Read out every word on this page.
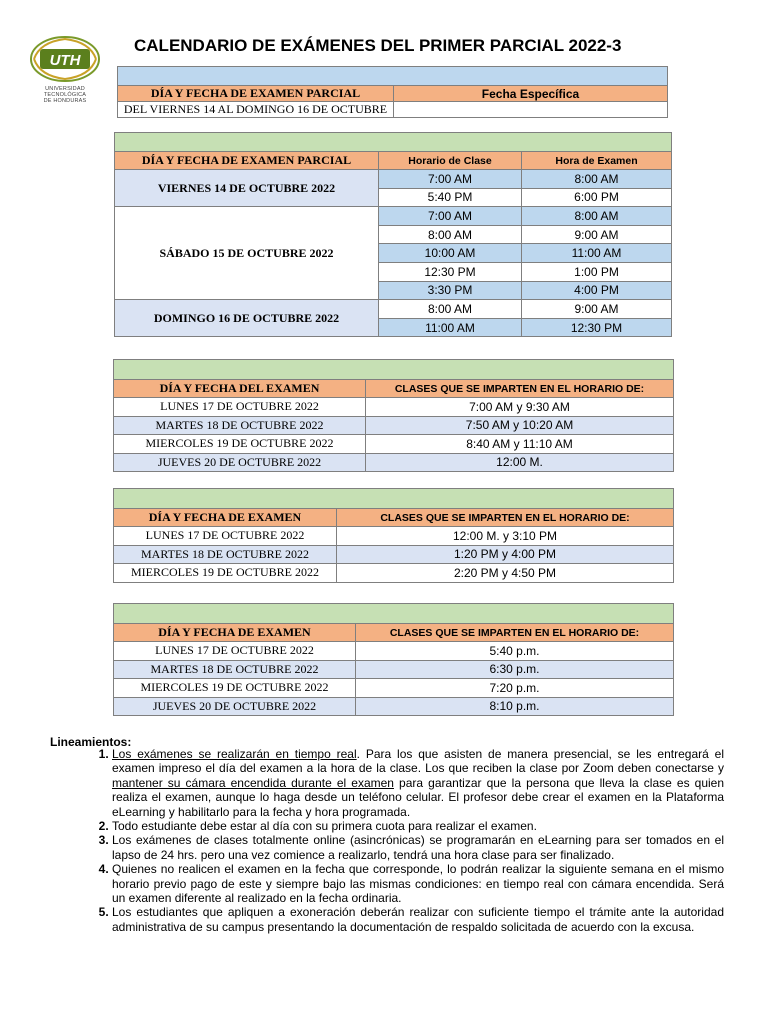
UTH
UNIVERSIDAD TECNOLÓGICA
DE HONDURAS
CALENDARIO DE EXÁMENES DEL PRIMER PARCIAL 2022-3

DÍA Y FECHA DE EXAMEN PARCIAL	Fecha Específica
DEL VIERNES 14 AL DOMINGO 16 DE OCTUBRE	

DÍA Y FECHA DE EXAMEN PARCIAL	Horario de Clase	Hora de Examen
VIERNES 14 DE OCTUBRE 2022	7:00 AM	8:00 AM
	5:40 PM	6:00 PM
SÁBADO 15 DE OCTUBRE 2022	7:00 AM	8:00 AM
	8:00 AM	9:00 AM
	10:00 AM	11:00 AM
	12:30 PM	1:00 PM
	3:30 PM	4:00 PM
DOMINGO 16 DE OCTUBRE 2022	8:00 AM	9:00 AM
	11:00 AM	12:30 PM

DÍA Y FECHA DEL EXAMEN	CLASES QUE SE IMPARTEN EN EL HORARIO DE:
LUNES 17 DE OCTUBRE 2022	7:00 AM y 9:30 AM
MARTES 18 DE OCTUBRE 2022	7:50 AM y 10:20 AM
MIERCOLES 19 DE OCTUBRE 2022	8:40 AM y 11:10 AM
JUEVES 20 DE OCTUBRE 2022	12:00 M.

DÍA Y FECHA DE EXAMEN	CLASES QUE SE IMPARTEN EN EL HORARIO DE:
LUNES 17 DE OCTUBRE 2022	12:00 M. y 3:10 PM
MARTES 18 DE OCTUBRE 2022	1:20 PM y 4:00 PM
MIERCOLES 19 DE OCTUBRE 2022	2:20 PM y 4:50 PM

DÍA Y FECHA DE EXAMEN	CLASES QUE SE IMPARTEN EN EL HORARIO DE:
LUNES 17 DE OCTUBRE 2022	5:40 p.m.
MARTES 18 DE OCTUBRE 2022	6:30 p.m.
MIERCOLES 19 DE OCTUBRE 2022	7:20 p.m.
JUEVES 20 DE OCTUBRE 2022	8:10 p.m.
Lineamientos:
1. Los exámenes se realizarán en tiempo real. Para los que asisten de manera presencial, se les entregará el examen impreso el día del examen a la hora de la clase. Los que reciben la clase por Zoom deben conectarse y mantener su cámara encendida durante el examen para garantizar que la persona que lleva la clase es quien realiza el examen, aunque lo haga desde un teléfono celular. El profesor debe crear el examen en la Plataforma eLearning y habilitarlo para la fecha y hora programada.
2. Todo estudiante debe estar al día con su primera cuota para realizar el examen.
3. Los exámenes de clases totalmente online (asincrónicas) se programarán en eLearning para ser tomados en el lapso de 24 hrs. pero una vez comience a realizarlo, tendrá una hora clase para ser finalizado.
4. Quienes no realicen el examen en la fecha que corresponde, lo podrán realizar la siguiente semana en el mismo horario previo pago de este y siempre bajo las mismas condiciones: en tiempo real con cámara encendida. Será un examen diferente al realizado en la fecha ordinaria.
5. Los estudiantes que apliquen a exoneración deberán realizar con suficiente tiempo el trámite ante la autoridad administrativa de su campus presentando la documentación de respaldo solicitada de acuerdo con la excusa.
